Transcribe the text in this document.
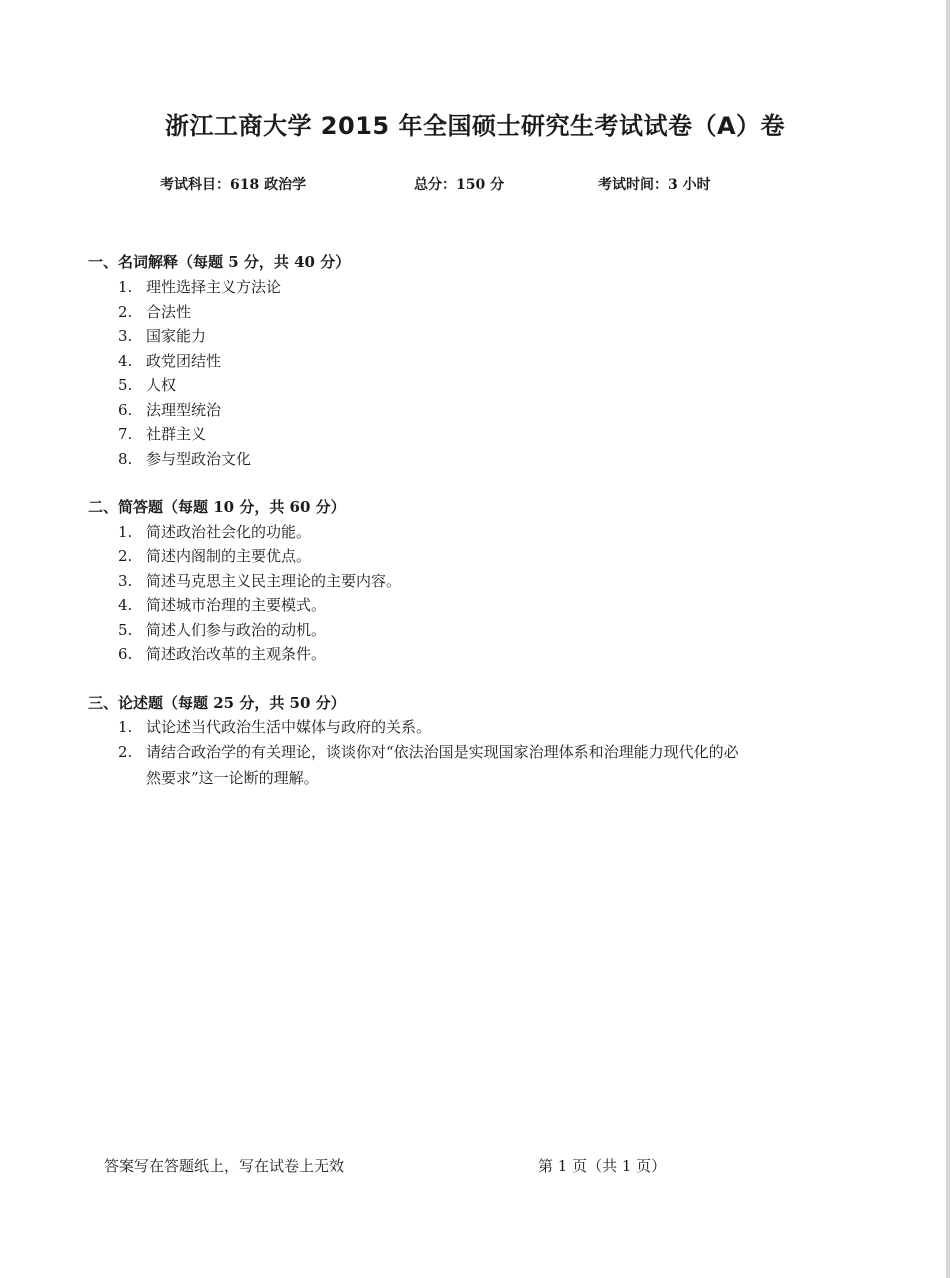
浙江工商大学 2015 年全国硕士研究生考试试卷（A）卷
考试科目：618 政治学	总分：150 分	考试时间：3 小时
一、名词解释（每题 5 分，共 40 分）
1. 理性选择主义方法论
2. 合法性
3. 国家能力
4. 政党团结性
5. 人权
6. 法理型统治
7. 社群主义
8. 参与型政治文化
二、简答题（每题 10 分，共 60 分）
1. 简述政治社会化的功能。
2. 简述内阁制的主要优点。
3. 简述马克思主义民主理论的主要内容。
4. 简述城市治理的主要模式。
5. 简述人们参与政治的动机。
6. 简述政治改革的主观条件。
三、论述题（每题 25 分，共 50 分）
1. 试论述当代政治生活中媒体与政府的关系。
2. 请结合政治学的有关理论，谈谈你对“依法治国是实现国家治理体系和治理能力现代化的必
然要求”这一论断的理解。
答案写在答题纸上，写在试卷上无效	第 1 页（共 1 页）
